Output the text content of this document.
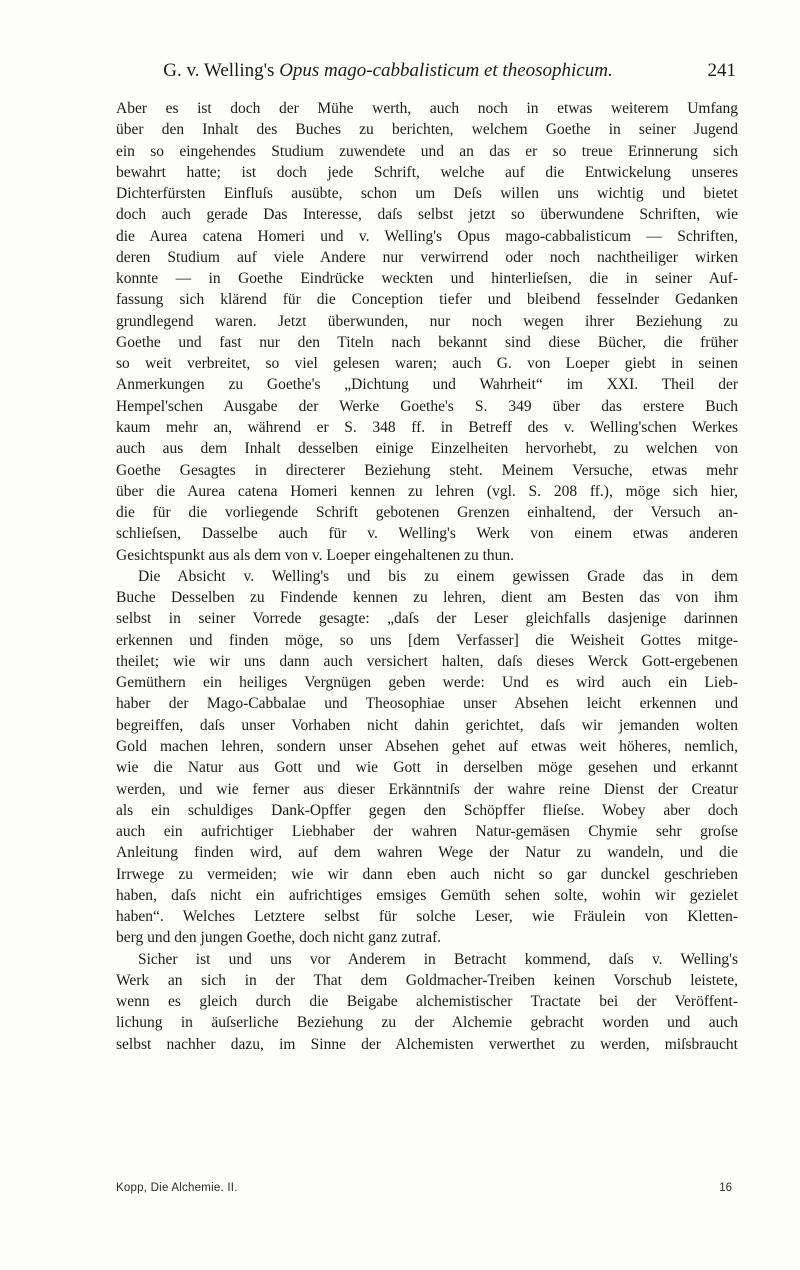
G. v. Welling's Opus mago-cabbalisticum et theosophicum.	241
Aber es ist doch der Mühe werth, auch noch in etwas weiterem Umfang
über den Inhalt des Buches zu berichten, welchem Goethe in seiner Jugend
ein so eingehendes Studium zuwendete und an das er so treue Erinnerung sich
bewahrt hatte; ist doch jede Schrift, welche auf die Entwickelung unseres
Dichterfürsten Einfluſs ausübte, schon um Deſs willen uns wichtig und bietet
doch auch gerade Das Interesse, daſs selbst jetzt so überwundene Schriften, wie
die Aurea catena Homeri und v. Welling's Opus mago-cabbalisticum — Schriften,
deren Studium auf viele Andere nur verwirrend oder noch nachtheiliger wirken
konnte — in Goethe Eindrücke weckten und hinterlieſsen, die in seiner Auf-
fassung sich klärend für die Conception tiefer und bleibend fesselnder Gedanken
grundlegend waren. Jetzt überwunden, nur noch wegen ihrer Beziehung zu
Goethe und fast nur den Titeln nach bekannt sind diese Bücher, die früher
so weit verbreitet, so viel gelesen waren; auch G. von Loeper giebt in seinen
Anmerkungen zu Goethe's „Dichtung und Wahrheit“ im XXI. Theil der
Hempel'schen Ausgabe der Werke Goethe's S. 349 über das erstere Buch
kaum mehr an, während er S. 348 ff. in Betreff des v. Welling'schen Werkes
auch aus dem Inhalt desselben einige Einzelheiten hervorhebt, zu welchen von
Goethe Gesagtes in directerer Beziehung steht. Meinem Versuche, etwas mehr
über die Aurea catena Homeri kennen zu lehren (vgl. S. 208 ff.), möge sich hier,
die für die vorliegende Schrift gebotenen Grenzen einhaltend, der Versuch an-
schlieſsen, Dasselbe auch für v. Welling's Werk von einem etwas anderen
Gesichtspunkt aus als dem von v. Loeper eingehaltenen zu thun.
Die Absicht v. Welling's und bis zu einem gewissen Grade das in dem
Buche Desselben zu Findende kennen zu lehren, dient am Besten das von ihm
selbst in seiner Vorrede gesagte: „daſs der Leser gleichfalls dasjenige darinnen
erkennen und finden möge, so uns [dem Verfasser] die Weisheit Gottes mitge-
theilet; wie wir uns dann auch versichert halten, daſs dieses Werck Gott-ergebenen
Gemüthern ein heiliges Vergnügen geben werde: Und es wird auch ein Lieb-
haber der Mago-Cabbalae und Theosophiae unser Absehen leicht erkennen und
begreiffen, daſs unser Vorhaben nicht dahin gerichtet, daſs wir jemanden wolten
Gold machen lehren, sondern unser Absehen gehet auf etwas weit höheres, nemlich,
wie die Natur aus Gott und wie Gott in derselben möge gesehen und erkannt
werden, und wie ferner aus dieser Erkänntniſs der wahre reine Dienst der Creatur
als ein schuldiges Dank-Opffer gegen den Schöpffer flieſse. Wobey aber doch
auch ein aufrichtiger Liebhaber der wahren Natur-gemäsen Chymie sehr groſse
Anleitung finden wird, auf dem wahren Wege der Natur zu wandeln, und die
Irrwege zu vermeiden; wie wir dann eben auch nicht so gar dunckel geschrieben
haben, daſs nicht ein aufrichtiges emsiges Gemüth sehen solte, wohin wir gezielet
haben“. Welches Letztere selbst für solche Leser, wie Fräulein von Kletten-
berg und den jungen Goethe, doch nicht ganz zutraf.
Sicher ist und uns vor Anderem in Betracht kommend, daſs v. Welling's
Werk an sich in der That dem Goldmacher-Treiben keinen Vorschub leistete,
wenn es gleich durch die Beigabe alchemistischer Tractate bei der Veröffent-
lichung in äuſserliche Beziehung zu der Alchemie gebracht worden und auch
selbst nachher dazu, im Sinne der Alchemisten verwerthet zu werden, miſsbraucht
Kopp, Die Alchemie. II.	16
